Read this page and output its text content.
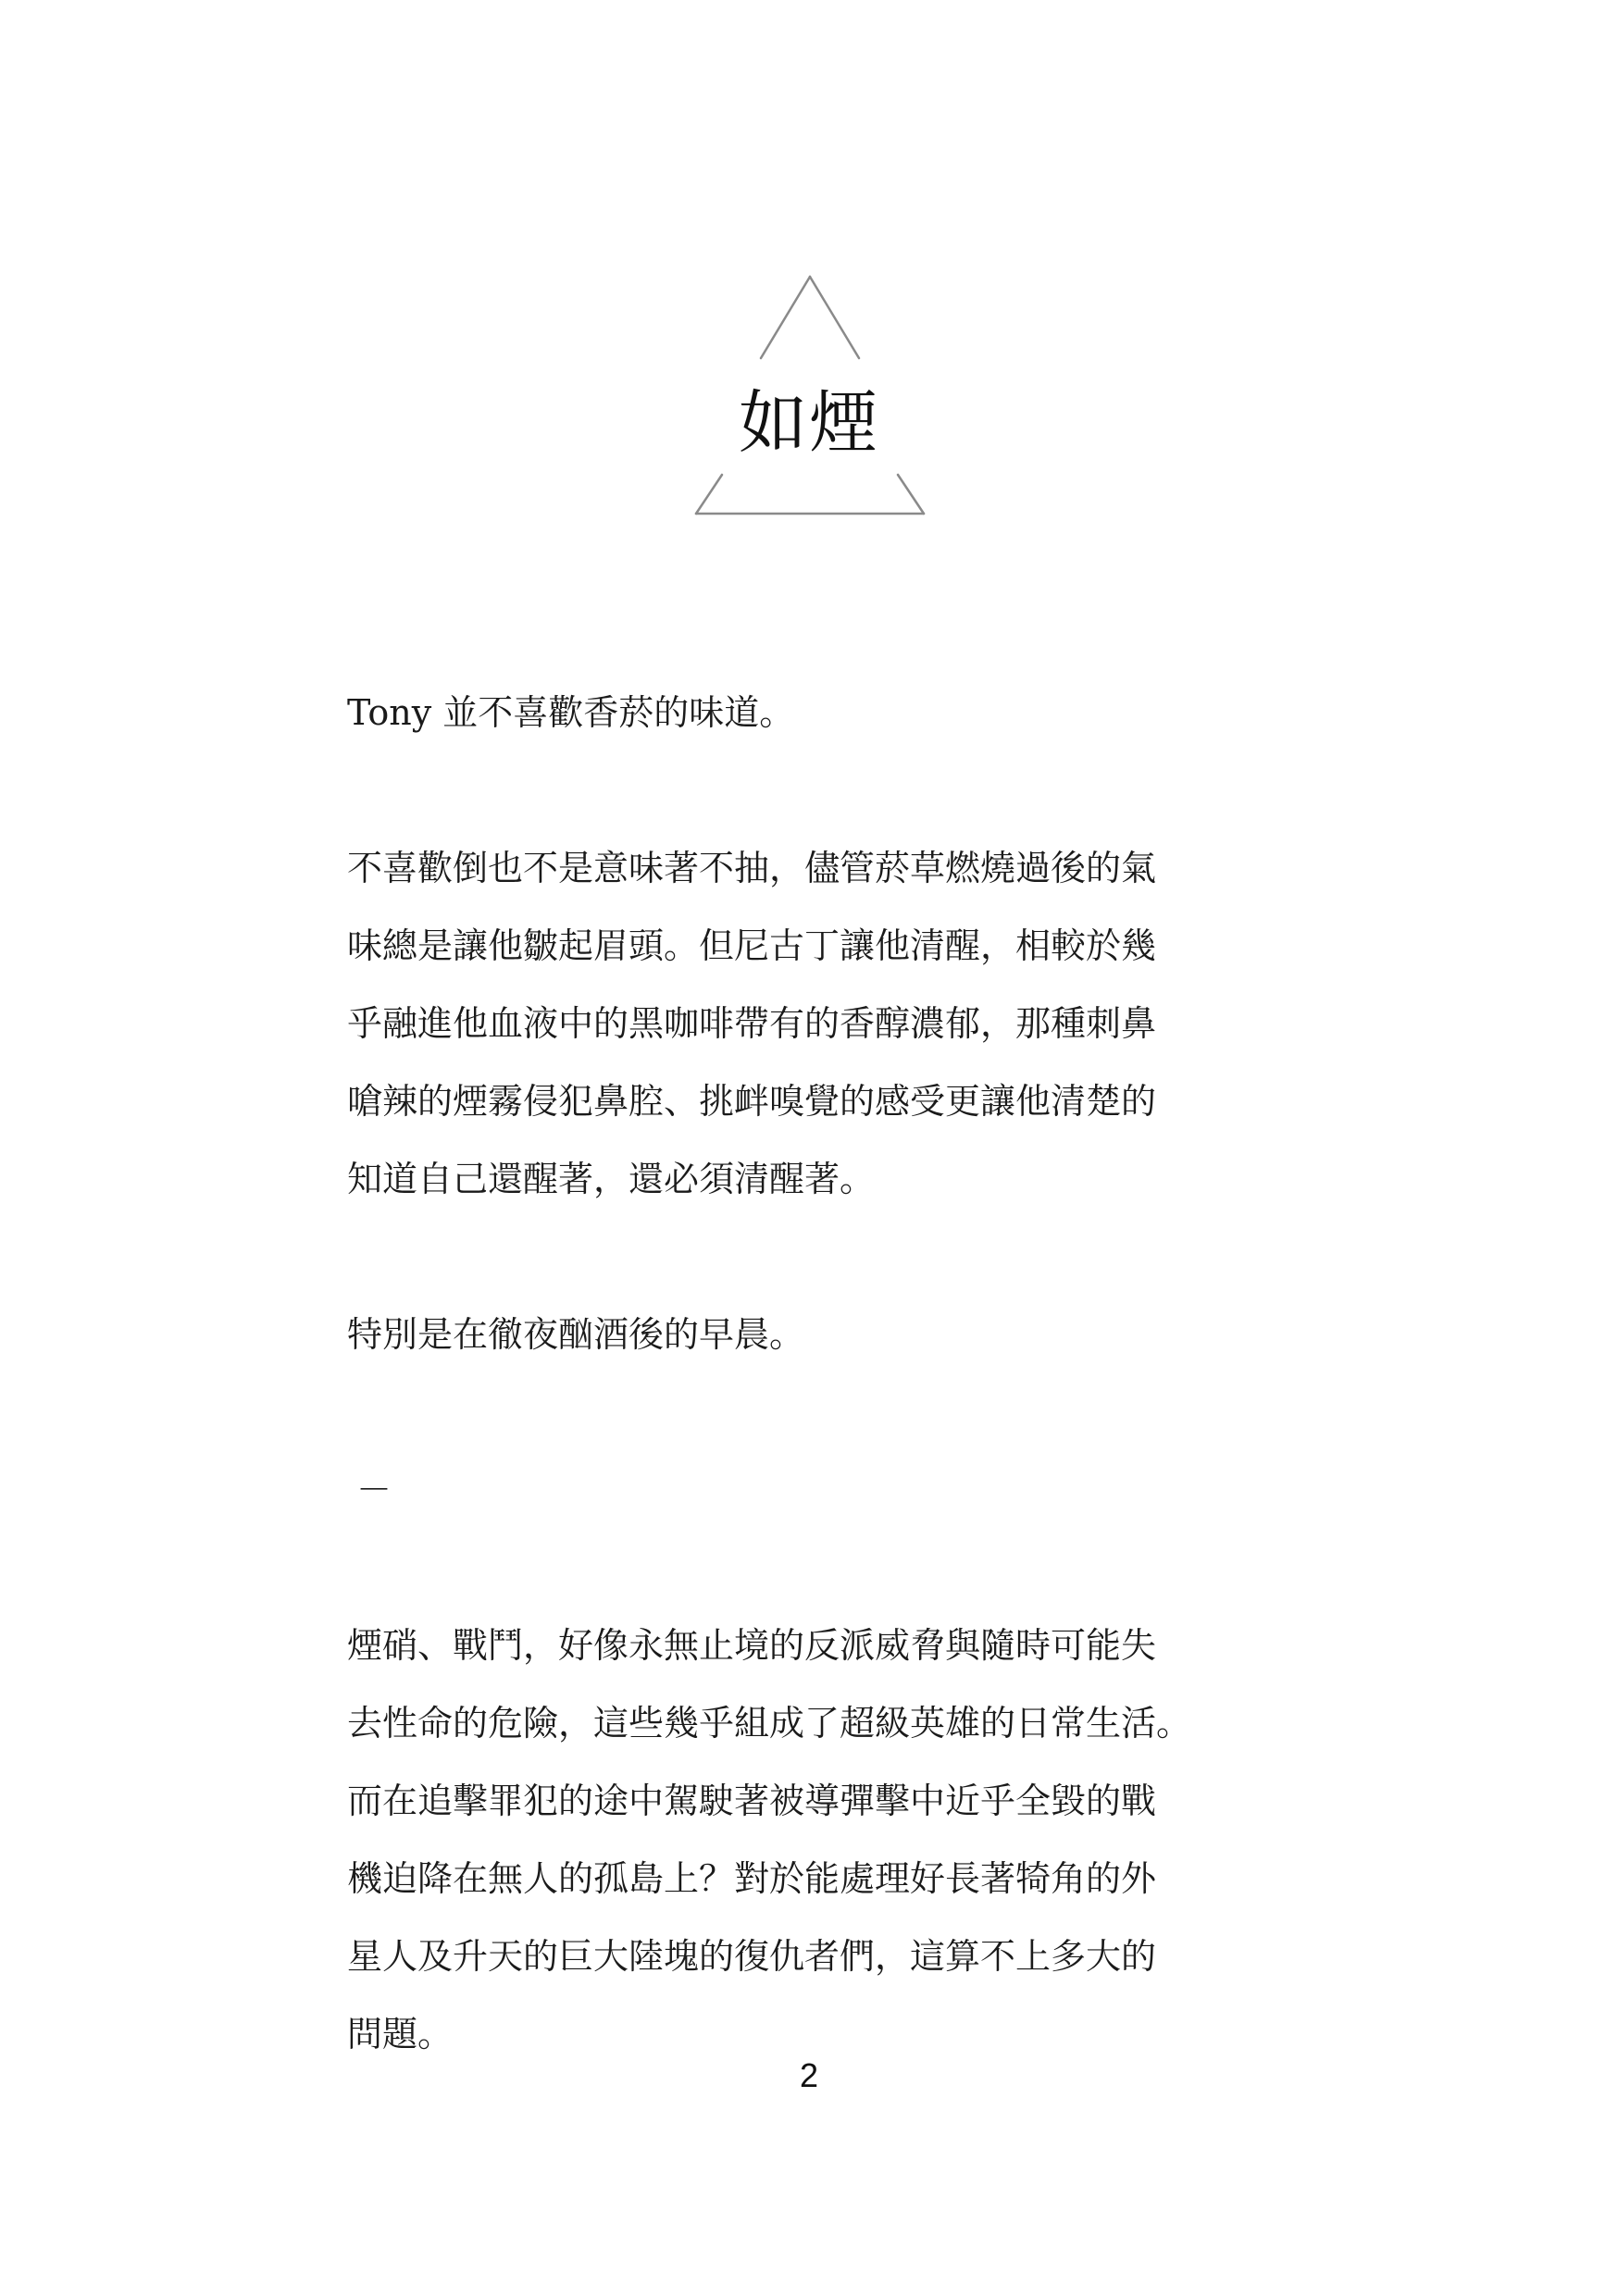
如煙

Tony 並不喜歡香菸的味道。

不喜歡倒也不是意味著不抽，儘管菸草燃燒過後的氣
味總是讓他皺起眉頭。但尼古丁讓他清醒，相較於幾
乎融進他血液中的黑咖啡帶有的香醇濃郁，那種刺鼻
嗆辣的煙霧侵犯鼻腔、挑衅嗅覺的感受更讓他清楚的
知道自己還醒著，還必須清醒著。

特別是在徹夜酗酒後的早晨。

－

煙硝、戰鬥，好像永無止境的反派威脅與隨時可能失
去性命的危險，這些幾乎組成了超級英雄的日常生活。
而在追擊罪犯的途中駕駛著被導彈擊中近乎全毀的戰
機迫降在無人的孤島上？對於能處理好長著犄角的外
星人及升天的巨大陸塊的復仇者們，這算不上多大的
問題。

2
